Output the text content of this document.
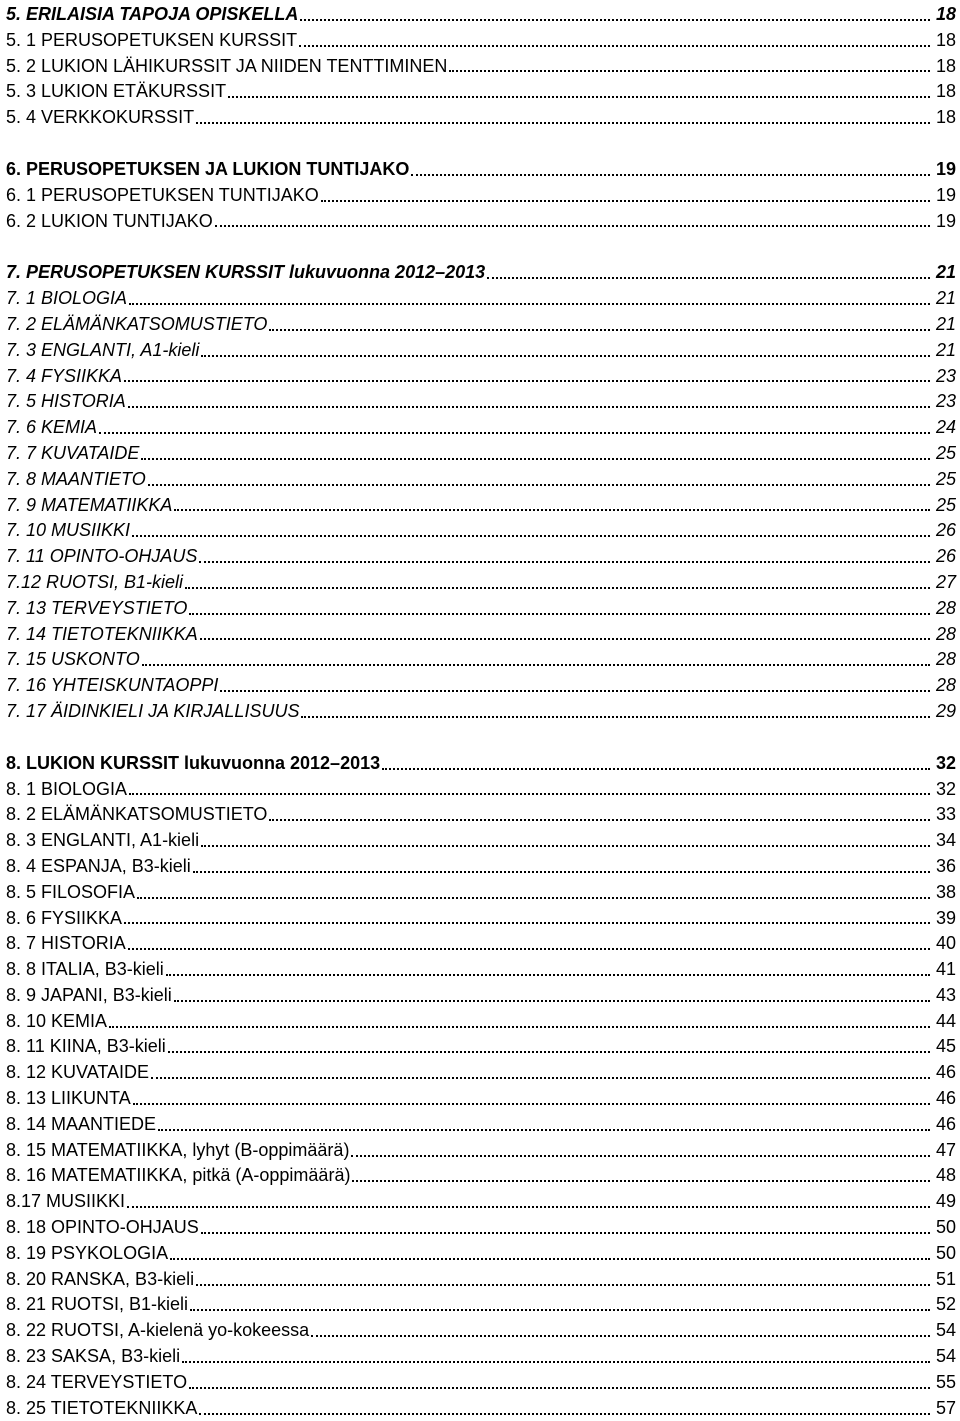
5. ERILAISIA TAPOJA OPISKELLA	18
5. 1 PERUSOPETUKSEN KURSSIT	18
5. 2 LUKION LÄHIKURSSIT JA NIIDEN TENTTIMINEN	18
5. 3 LUKION ETÄKURSSIT	18
5. 4 VERKKOKURSSIT	18
6. PERUSOPETUKSEN JA LUKION TUNTIJAKO	19
6. 1 PERUSOPETUKSEN TUNTIJAKO	19
6. 2 LUKION TUNTIJAKO	19
7. PERUSOPETUKSEN KURSSIT lukuvuonna 2012–2013	21
7. 1 BIOLOGIA	21
7. 2 ELÄMÄNKATSOMUSTIETO	21
7. 3 ENGLANTI, A1-kieli	21
7. 4 FYSIIKKA	23
7. 5 HISTORIA	23
7. 6 KEMIA	24
7. 7 KUVATAIDE	25
7. 8 MAANTIETO	25
7. 9 MATEMATIIKKA	25
7. 10 MUSIIKKI	26
7. 11 OPINTO-OHJAUS	26
7.12 RUOTSI, B1-kieli	27
7. 13 TERVEYSTIETO	28
7. 14 TIETOTEKNIIKKA	28
7. 15 USKONTO	28
7. 16 YHTEISKUNTAOPPI	28
7. 17 ÄIDINKIELI JA KIRJALLISUUS	29
8. LUKION KURSSIT lukuvuonna 2012–2013	32
8. 1 BIOLOGIA	32
8. 2 ELÄMÄNKATSOMUSTIETO	33
8. 3 ENGLANTI, A1-kieli	34
8. 4 ESPANJA, B3-kieli	36
8. 5 FILOSOFIA	38
8. 6 FYSIIKKA	39
8. 7 HISTORIA	40
8. 8 ITALIA, B3-kieli	41
8. 9 JAPANI, B3-kieli	43
8. 10 KEMIA	44
8. 11 KIINA, B3-kieli	45
8. 12 KUVATAIDE	46
8. 13 LIIKUNTA	46
8. 14 MAANTIEDE	46
8. 15 MATEMATIIKKA, lyhyt (B-oppimäärä)	47
8. 16 MATEMATIIKKA, pitkä (A-oppimäärä)	48
8.17 MUSIIKKI	49
8. 18 OPINTO-OHJAUS	50
8. 19 PSYKOLOGIA	50
8. 20 RANSKA, B3-kieli	51
8. 21 RUOTSI, B1-kieli	52
8. 22 RUOTSI, A-kielenä yo-kokeessa	54
8. 23 SAKSA, B3-kieli	54
8. 24 TERVEYSTIETO	55
8. 25 TIETOTEKNIIKKA	57
